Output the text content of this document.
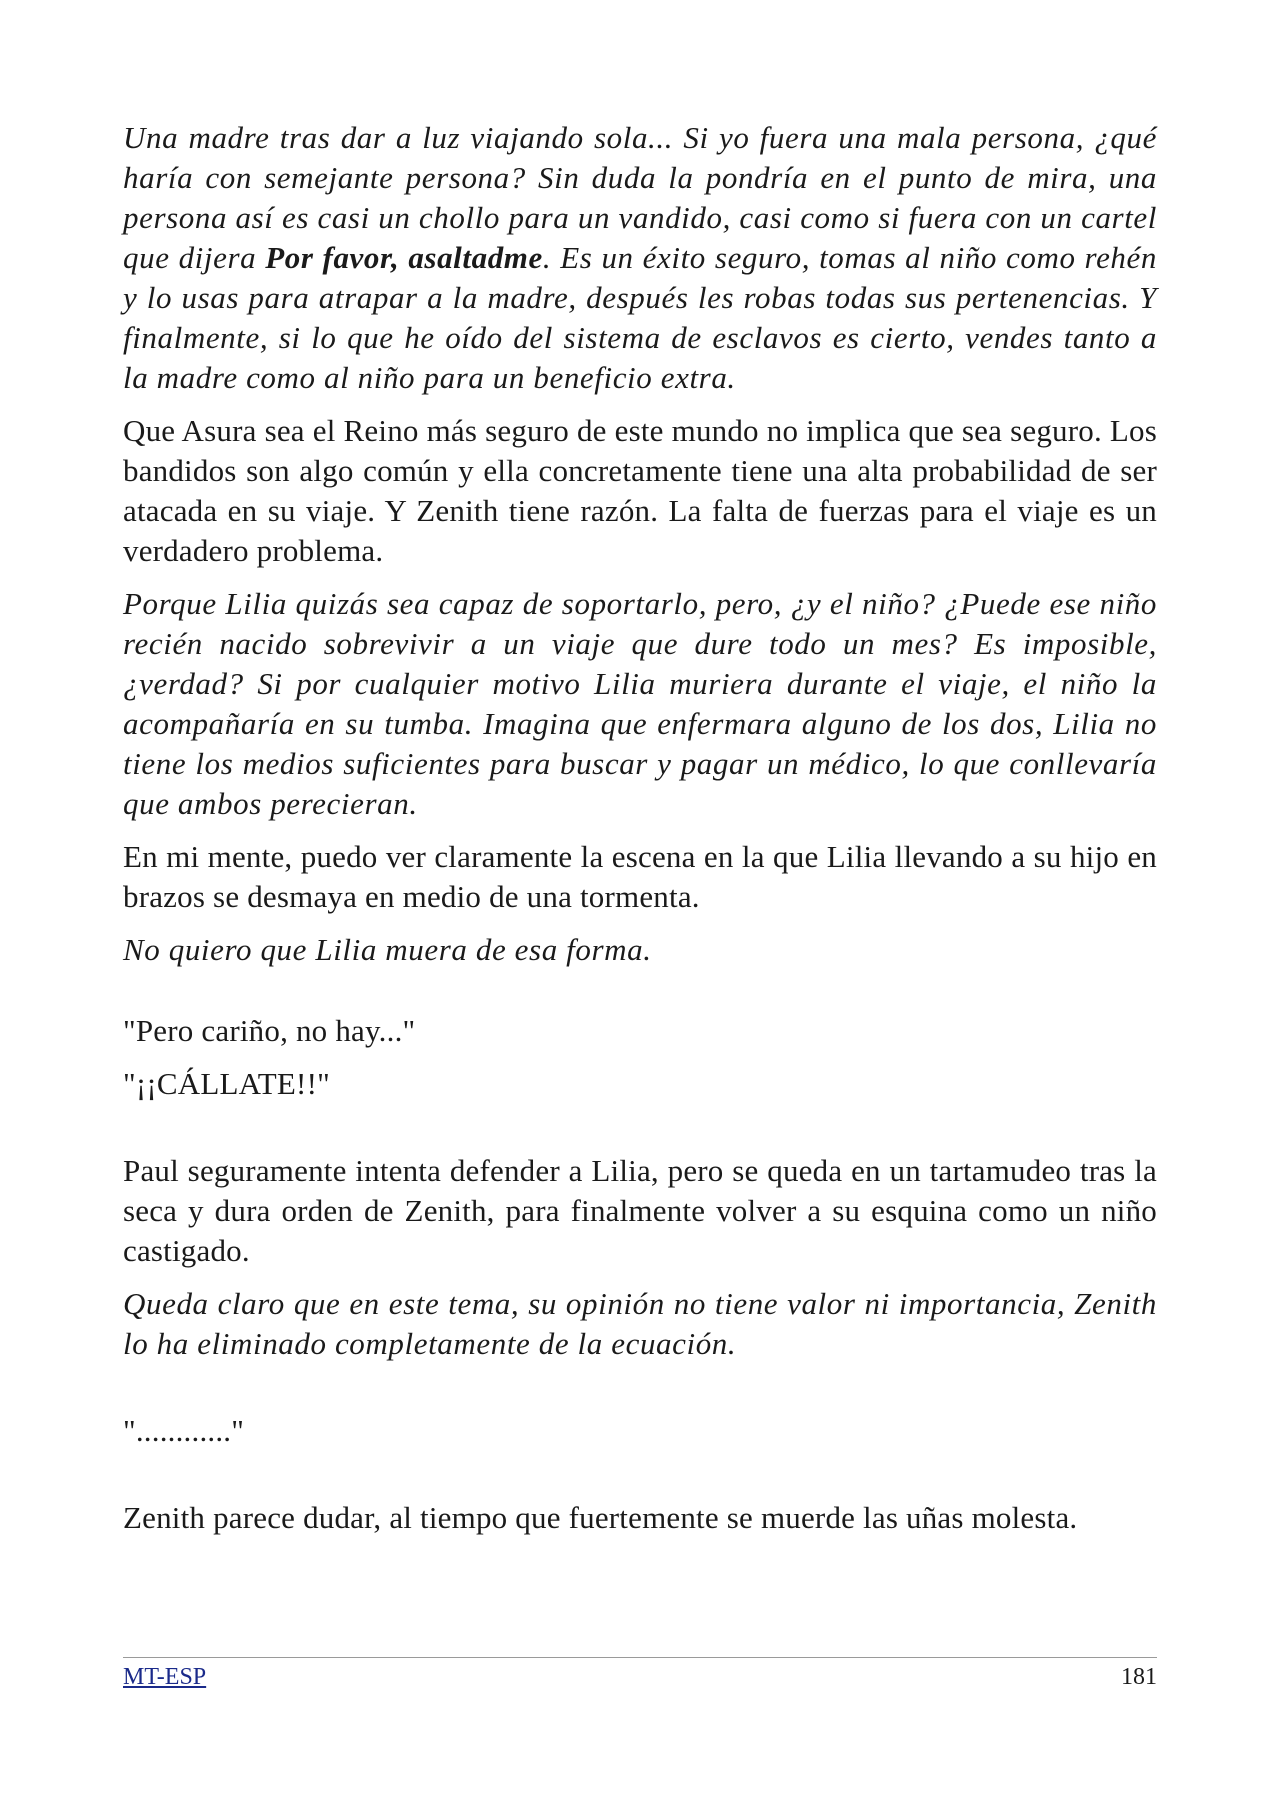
Una madre tras dar a luz viajando sola... Si yo fuera una mala persona, ¿qué haría con semejante persona? Sin duda la pondría en el punto de mira, una persona así es casi un chollo para un vandido, casi como si fuera con un cartel que dijera Por favor, asaltadme. Es un éxito seguro, tomas al niño como rehén y lo usas para atrapar a la madre, después les robas todas sus pertenencias. Y finalmente, si lo que he oído del sistema de esclavos es cierto, vendes tanto a la madre como al niño para un beneficio extra.

Que Asura sea el Reino más seguro de este mundo no implica que sea seguro. Los bandidos son algo común y ella concretamente tiene una alta probabilidad de ser atacada en su viaje. Y Zenith tiene razón. La falta de fuerzas para el viaje es un verdadero problema.

Porque Lilia quizás sea capaz de soportarlo, pero, ¿y el niño? ¿Puede ese niño recién nacido sobrevivir a un viaje que dure todo un mes? Es imposible, ¿verdad? Si por cualquier motivo Lilia muriera durante el viaje, el niño la acompañaría en su tumba. Imagina que enfermara alguno de los dos, Lilia no tiene los medios suficientes para buscar y pagar un médico, lo que conllevaría que ambos perecieran.

En mi mente, puedo ver claramente la escena en la que Lilia llevando a su hijo en brazos se desmaya en medio de una tormenta.

No quiero que Lilia muera de esa forma.

"Pero cariño, no hay..."

"¡¡CÁLLATE!!"

Paul seguramente intenta defender a Lilia, pero se queda en un tartamudeo tras la seca y dura orden de Zenith, para finalmente volver a su esquina como un niño castigado.

Queda claro que en este tema, su opinión no tiene valor ni importancia, Zenith lo ha eliminado completamente de la ecuación.

"............"

Zenith parece dudar, al tiempo que fuertemente se muerde las uñas molesta.

MT-ESP	181
